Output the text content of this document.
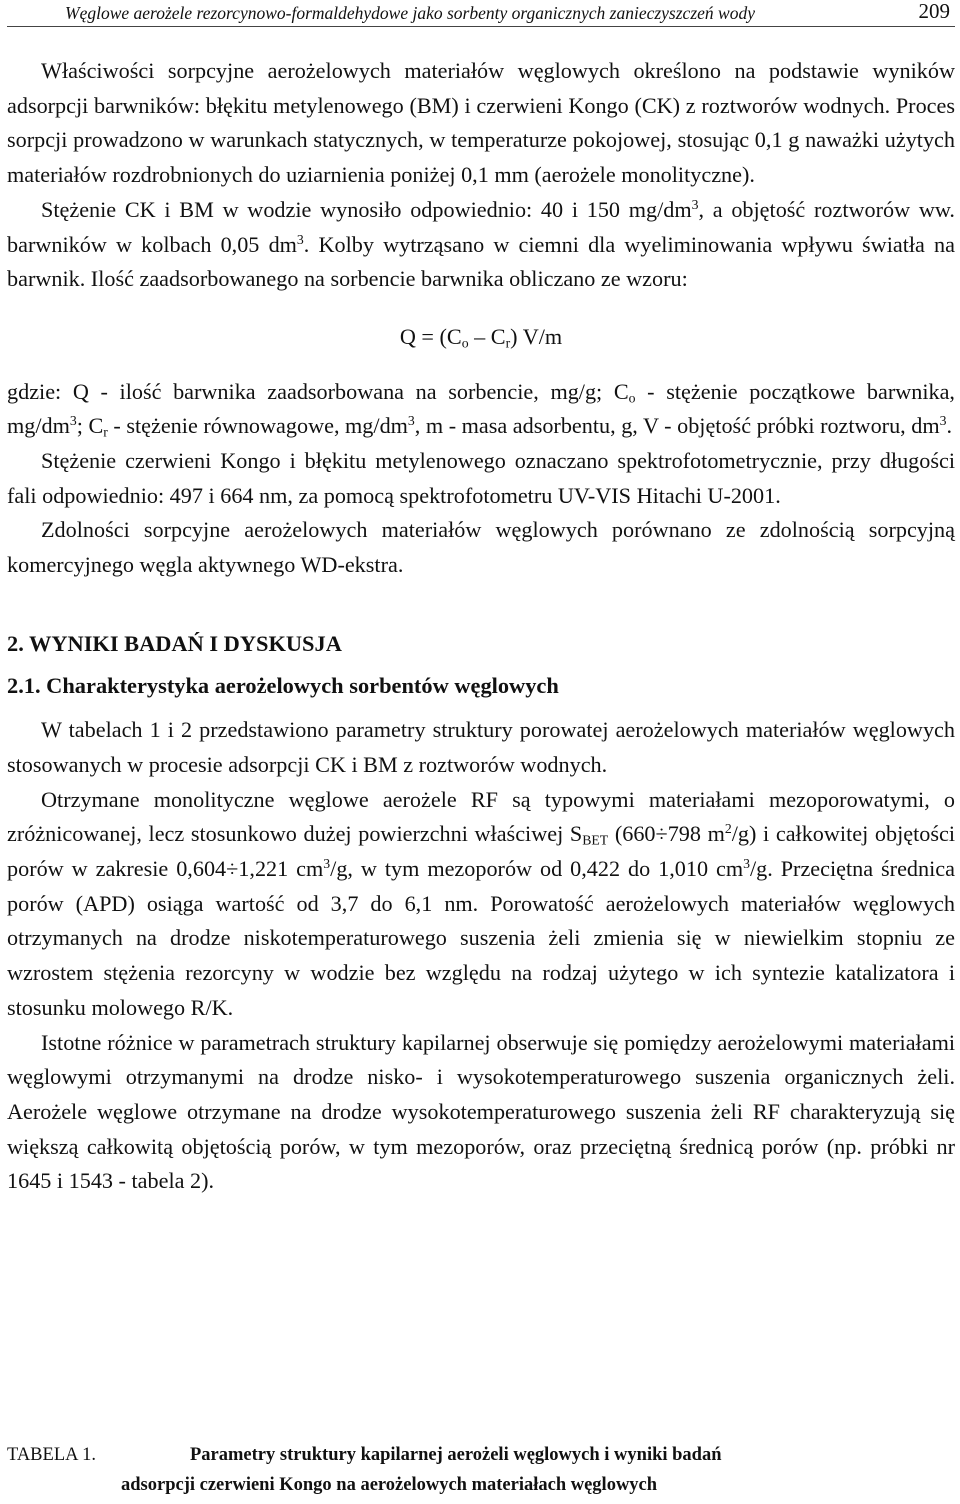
Węglowe aerożele rezorcynowo-formaldehydowe jako sorbenty organicznych zanieczyszczeń wody	209

Właściwości sorpcyjne aerożelowych materiałów węglowych określono na podstawie wyników adsorpcji barwników: błękitu metylenowego (BM) i czerwieni Kongo (CK) z roztworów wodnych. Proces sorpcji prowadzono w warunkach statycznych, w temperaturze pokojowej, stosując 0,1 g naważki użytych materiałów rozdrobnionych do uziarnienia poniżej 0,1 mm (aerożele monolityczne).

Stężenie CK i BM w wodzie wynosiło odpowiednio: 40 i 150 $mg/dm^3$, a objętość roztworów ww. barwników w kolbach 0,05 $dm^3$. Kolby wytrząsano w ciemni dla wyeliminowania wpływu światła na barwnik. Ilość zaadsorbowanego na sorbencie barwnika obliczano ze wzoru:

$Q = (C_o - C_r)$ V/m

gdzie: Q - ilość barwnika zaadsorbowana na sorbencie, mg/g; $C_o$ - stężenie początkowe barwnika, $mg/dm^3$; $C_r$ - stężenie równowagowe, $mg/dm^3$, m - masa adsorbentu, g, V - objętość próbki roztworu, $dm^3$.

Stężenie czerwieni Kongo i błękitu metylenowego oznaczano spektrofotometrycznie, przy długości fali odpowiednio: 497 i 664 nm, za pomocą spektrofotometru UV-VIS Hitachi U-2001.

Zdolności sorpcyjne aerożelowych materiałów węglowych porównano ze zdolnością sorpcyjną komercyjnego węgla aktywnego WD-ekstra.

2. WYNIKI BADAŃ I DYSKUSJA
2.1. Charakterystyka aerożelowych sorbentów węglowych

W tabelach 1 i 2 przedstawiono parametry struktury porowatej aerożelowych materiałów węglowych stosowanych w procesie adsorpcji CK i BM z roztworów wodnych.

Otrzymane monolityczne węglowe aerożele RF są typowymi materiałami mezoporowatymi, o zróżnicowanej, lecz stosunkowo dużej powierzchni właściwej $S_{BET}$ (660÷798 $m^2/g$) i całkowitej objętości porów w zakresie 0,604÷1,221 $cm^3/g$, w tym mezoporów od 0,422 do 1,010 $cm^3/g$. Przeciętna średnica porów (APD) osiąga wartość od 3,7 do 6,1 nm. Porowatość aerożelowych materiałów węglowych otrzymanych na drodze niskotemperaturowego suszenia żeli zmienia się w niewielkim stopniu ze wzrostem stężenia rezorcyny w wodzie bez względu na rodzaj użytego w ich syntezie katalizatora i stosunku molowego R/K.

Istotne różnice w parametrach struktury kapilarnej obserwuje się pomiędzy aerożelowymi materiałami węglowymi otrzymanymi na drodze nisko- i wysokotemperaturowego suszenia organicznych żeli. Aerożele węglowe otrzymane na drodze wysokotemperaturowego suszenia żeli RF charakteryzują się większą całkowitą objętością porów, w tym mezoporów, oraz przeciętną średnicą porów (np. próbki nr 1645 i 1543 - tabela 2).

TABELA 1.	Parametry struktury kapilarnej aerożeli węglowych i wyniki badań
adsorpcji czerwieni Kongo na aerożelowych materiałach węglowych
